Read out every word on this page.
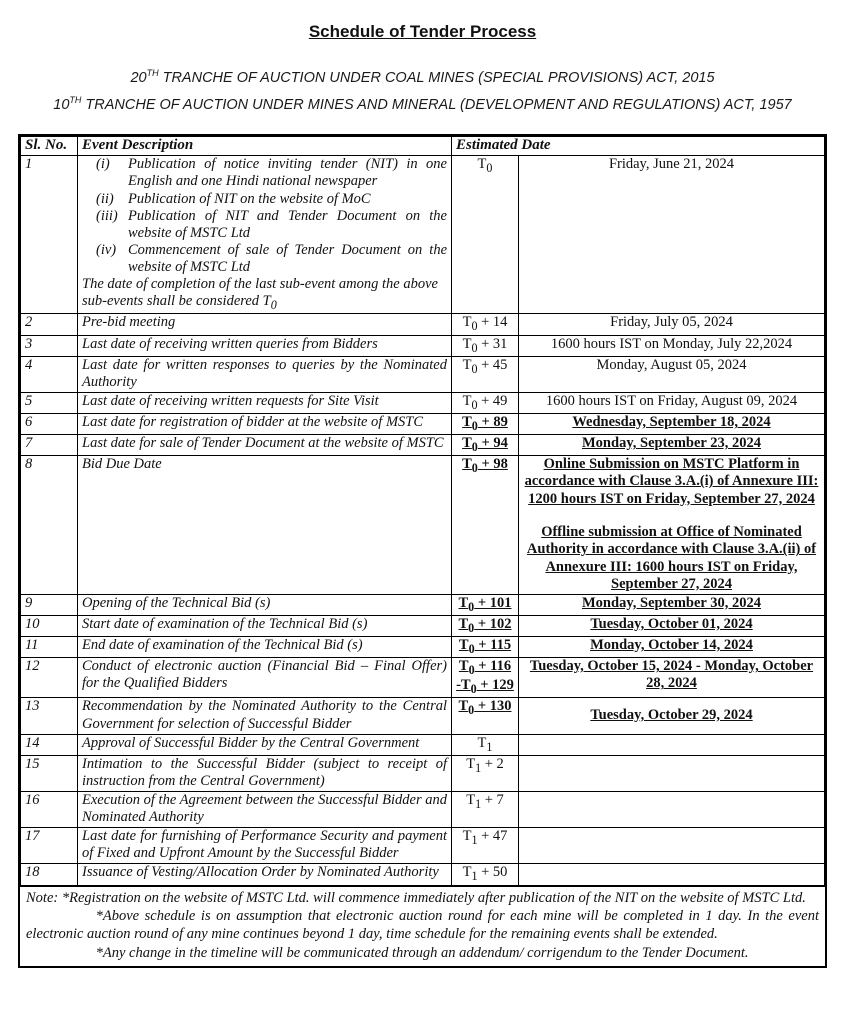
Schedule of Tender Process
20TH TRANCHE OF AUCTION UNDER COAL MINES (SPECIAL PROVISIONS) ACT, 2015
10TH TRANCHE OF AUCTION UNDER MINES AND MINERAL (DEVELOPMENT AND REGULATIONS) ACT, 1957
Sl. No.	Event Description	Estimated Date	
1	(i)	Publication of notice inviting tender (NIT) in one English and one Hindi national newspaper
(ii) Publication of NIT on the website of MoC
(iii) Publication of NIT and Tender Document on the website of MSTC Ltd
(iv) Commencement of sale of Tender Document on the website of MSTC Ltd
The date of completion of the last sub-event among the above sub-events shall be considered $T_0$

$T_0$	Friday, June 21, 2024

2	Pre-bid meeting	$T_0 + 14$	Friday, July 05, 2024

3	Last date of receiving written queries from Bidders	$T_0 + 31$	1600 hours IST on Monday, July 22,2024

4	Last date for written responses to queries by the Nominated Authority	$T_0 + 45$	Monday, August 05, 2024

5	Last date of receiving written requests for Site Visit	$T_0 + 49$	1600 hours IST on Friday, August 09, 2024

6	Last date for registration of bidder at the website of MSTC	$T_0 + 89$	Wednesday, September 18, 2024

7	Last date for sale of Tender Document at the website of MSTC	$T_0 + 94$	Monday, September 23, 2024

8	Bid Due Date	$T_0 + 98$	Online Submission on MSTC Platform in accordance with Clause 3.A.(i) of Annexure III: 1200 hours IST on Friday, September 27, 2024
Offline submission at Office of Nominated Authority in accordance with Clause 3.A.(ii) of Annexure III: 1600 hours IST on Friday, September 27, 2024

9	Opening of the Technical Bid (s)	$T_0 + 101$	Monday, September 30, 2024

10	Start date of examination of the Technical Bid (s)	$T_0 + 102$	Tuesday, October 01, 2024

11	End date of examination of the Technical Bid (s)	$T_0 + 115$	Monday, October 14, 2024

12	Conduct of electronic auction (Financial Bid – Final Offer) for the Qualified Bidders	$T_0 + 116$
$-T_0 + 129$	Tuesday, October 15, 2024 - Monday, October 28, 2024

13	Recommendation by the Nominated Authority to the Central Government for selection of Successful Bidder	$T_0 + 130$	Tuesday, October 29, 2024

14	Approval of Successful Bidder by the Central Government	$T_1$

15	Intimation to the Successful Bidder (subject to receipt of instruction from the Central Government)	$T_1 + 2$	

16	Execution of the Agreement between the Successful Bidder and Nominated Authority	$T_1 + 7$	

17	Last date for furnishing of Performance Security and payment of Fixed and Upfront Amount by the Successful Bidder	$T_1 + 47$	

18	Issuance of Vesting/Allocation Order by Nominated Authority	$T_1 + 50$	

Note: *Registration on the website of MSTC Ltd. will commence immediately after publication of the NIT on the website of MSTC Ltd.

*Above schedule is on assumption that electronic auction round for each mine will be completed in 1 day. In the event electronic auction round of any mine continues beyond 1 day, time schedule for the remaining events shall be extended.

*Any change in the timeline will be communicated through an addendum/ corrigendum to the Tender Document.
